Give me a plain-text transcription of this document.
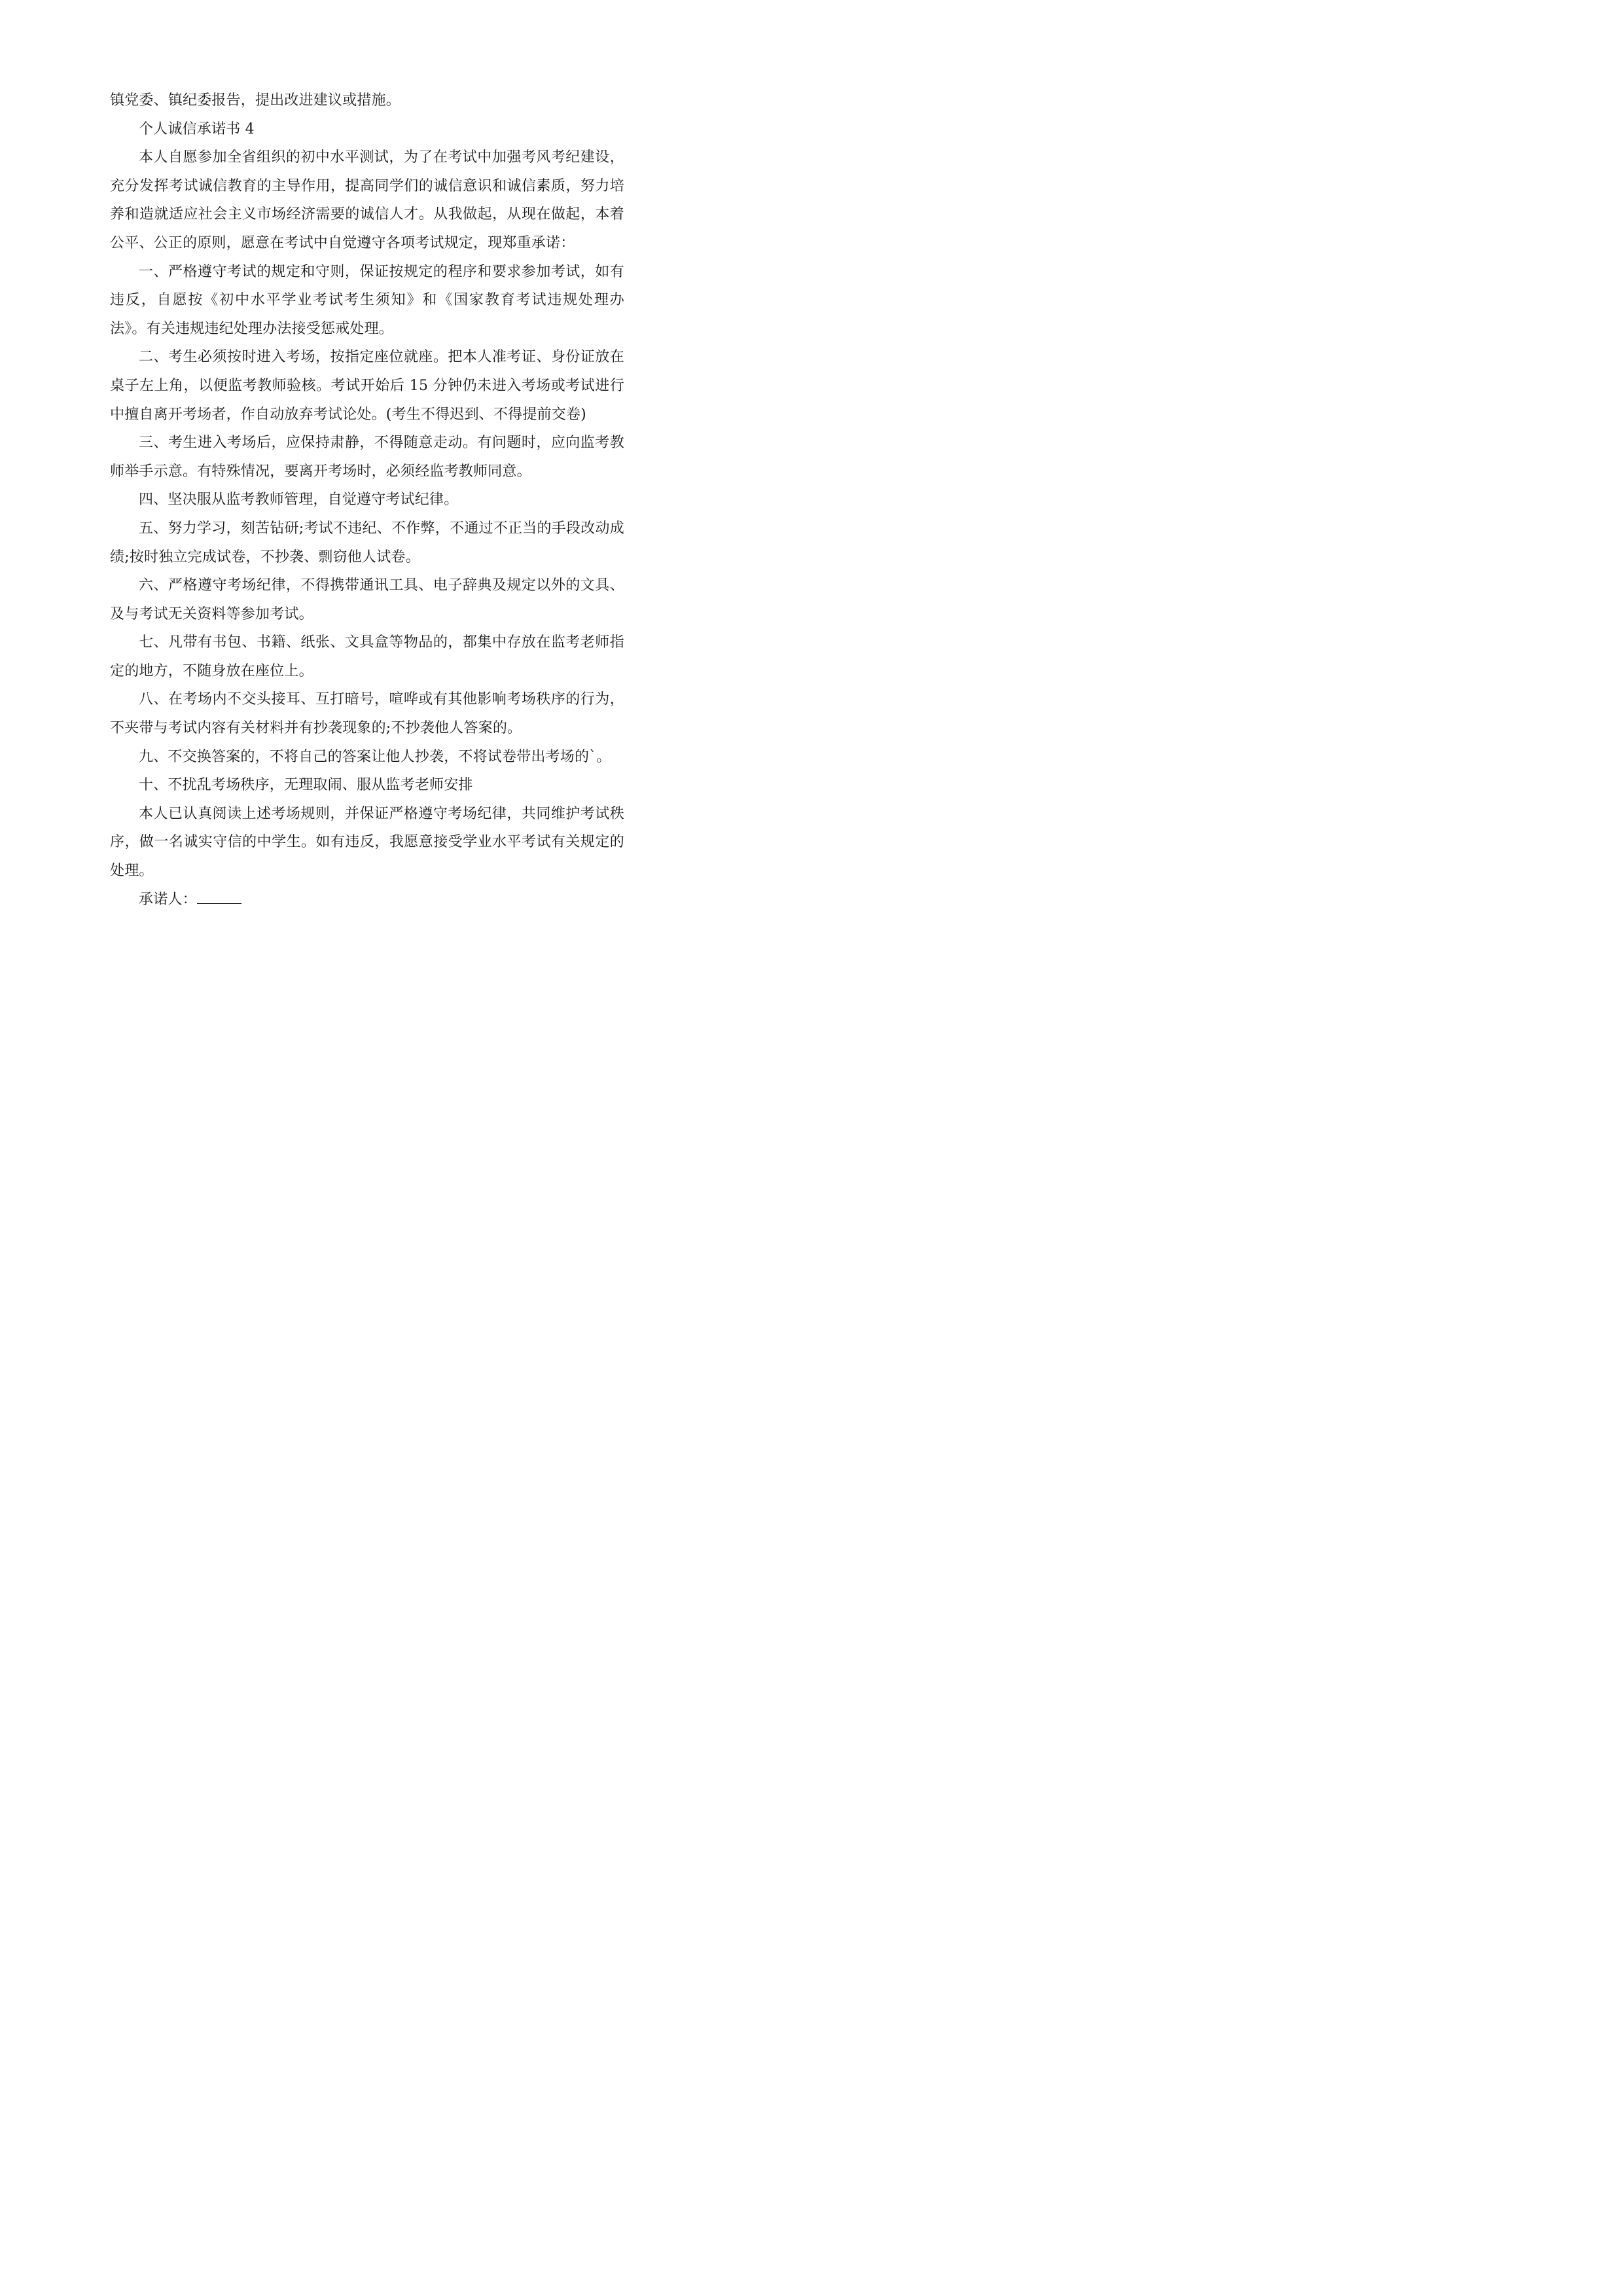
镇党委、镇纪委报告，提出改进建议或措施。

个人诚信承诺书 4

本人自愿参加全省组织的初中水平测试，为了在考试中加强考风考纪建设，充分发挥考试诚信教育的主导作用，提高同学们的诚信意识和诚信素质，努力培养和造就适应社会主义市场经济需要的诚信人才。从我做起，从现在做起，本着公平、公正的原则，愿意在考试中自觉遵守各项考试规定，现郑重承诺：

一、严格遵守考试的规定和守则，保证按规定的程序和要求参加考试，如有违反，自愿按《初中水平学业考试考生须知》和《国家教育考试违规处理办法》。有关违规违纪处理办法接受惩戒处理。

二、考生必须按时进入考场，按指定座位就座。把本人准考证、身份证放在桌子左上角，以便监考教师验核。考试开始后 15 分钟仍未进入考场或考试进行中擅自离开考场者，作自动放弃考试论处。(考生不得迟到、不得提前交卷)

三、考生进入考场后，应保持肃静，不得随意走动。有问题时，应向监考教师举手示意。有特殊情况，要离开考场时，必须经监考教师同意。

四、坚决服从监考教师管理，自觉遵守考试纪律。

五、努力学习，刻苦钻研;考试不违纪、不作弊，不通过不正当的手段改动成绩;按时独立完成试卷，不抄袭、剽窃他人试卷。

六、严格遵守考场纪律，不得携带通讯工具、电子辞典及规定以外的文具、及与考试无关资料等参加考试。

七、凡带有书包、书籍、纸张、文具盒等物品的，都集中存放在监考老师指定的地方，不随身放在座位上。

八、在考场内不交头接耳、互打暗号，喧哗或有其他影响考场秩序的行为，不夹带与考试内容有关材料并有抄袭现象的;不抄袭他人答案的。

九、不交换答案的，不将自己的答案让他人抄袭，不将试卷带出考场的`。

十、不扰乱考场秩序，无理取闹、服从监考老师安排

本人已认真阅读上述考场规则，并保证严格遵守考场纪律，共同维护考试秩序，做一名诚实守信的中学生。如有违反，我愿意接受学业水平考试有关规定的处理。

承诺人：
